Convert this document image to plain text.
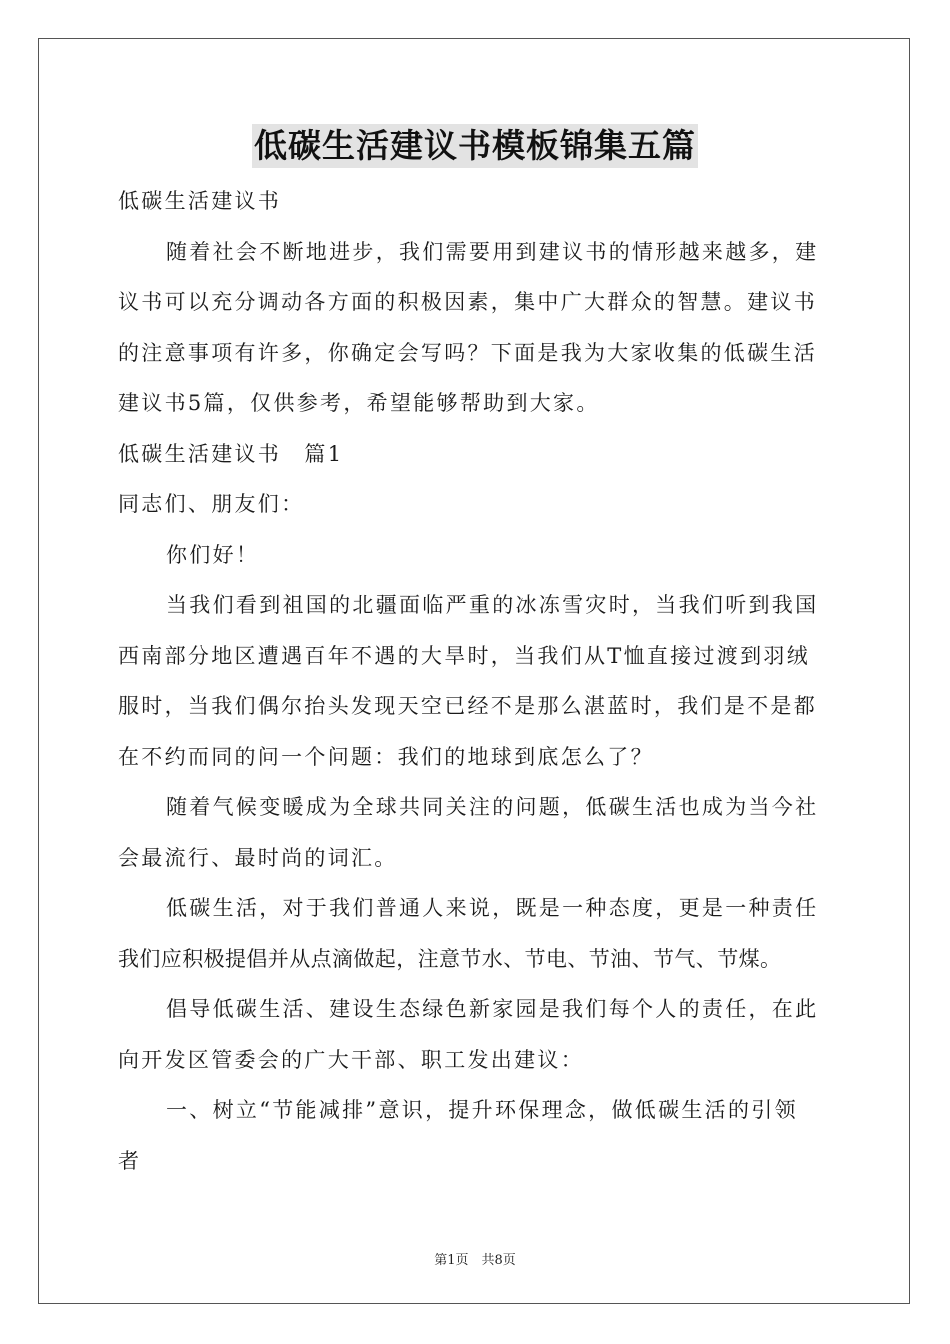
低碳生活建议书模板锦集五篇
低碳生活建议书
随着社会不断地进步，我们需要用到建议书的情形越来越多，建
议书可以充分调动各方面的积极因素，集中广大群众的智慧。建议书
的注意事项有许多，你确定会写吗？下面是我为大家收集的低碳生活
建议书5篇，仅供参考，希望能够帮助到大家。
低碳生活建议书　篇1
同志们、朋友们：
你们好！
当我们看到祖国的北疆面临严重的冰冻雪灾时，当我们听到我国
西南部分地区遭遇百年不遇的大旱时，当我们从T恤直接过渡到羽绒
服时，当我们偶尔抬头发现天空已经不是那么湛蓝时，我们是不是都
在不约而同的问一个问题：我们的地球到底怎么了？
随着气候变暖成为全球共同关注的问题，低碳生活也成为当今社
会最流行、最时尚的词汇。
低碳生活，对于我们普通人来说，既是一种态度，更是一种责任
我们应积极提倡并从点滴做起，注意节水、节电、节油、节气、节煤。
倡导低碳生活、建设生态绿色新家园是我们每个人的责任，在此
向开发区管委会的广大干部、职工发出建议：
一、树立“节能减排”意识，提升环保理念，做低碳生活的引领
者
第1页　共8页
